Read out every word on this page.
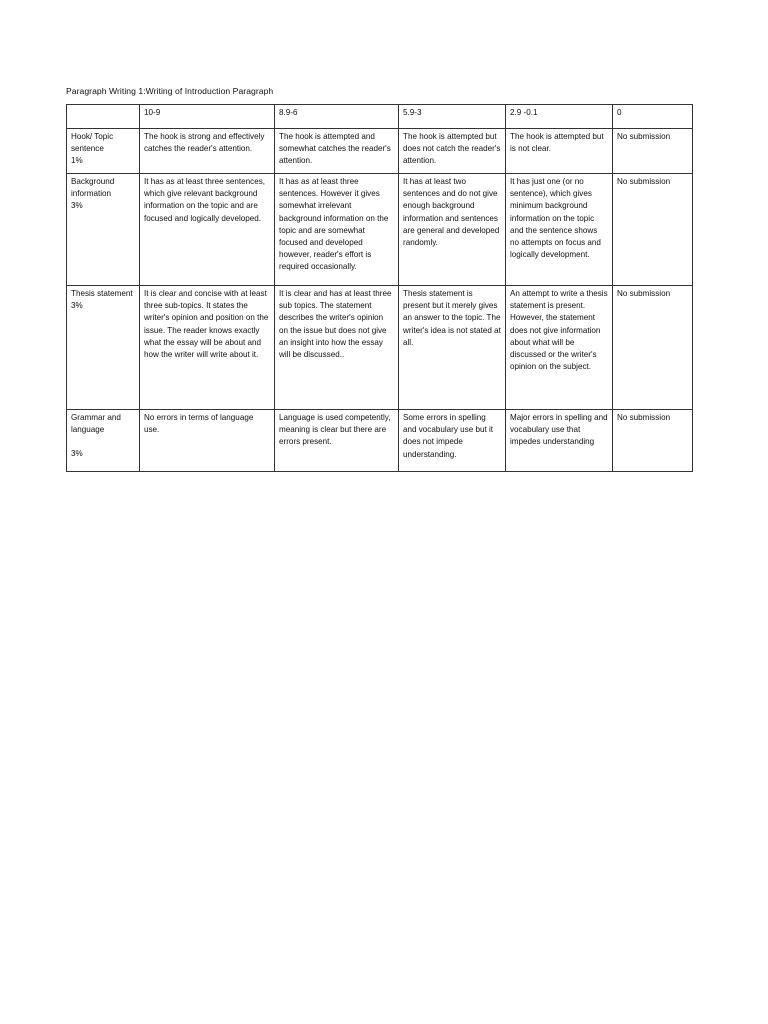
Paragraph Writing 1:Writing of Introduction Paragraph
	10-9	8.9-6	5.9-3	2.9 -0.1	0

Hook/ Topic sentence
1%	The hook is strong and effectively catches the reader's attention.	The hook is attempted and somewhat catches the reader's attention.	The hook is attempted but does not catch the reader's attention.	The hook is attempted but is not clear.	No submission

Background information
3%	It has as at least three sentences, which give relevant background information on the topic and are focused and logically developed.	It has as at least three sentences. However it gives somewhat irrelevant background information on the topic and are somewhat focused and developed however, reader's effort is required occasionally.	It has at least two sentences and do not give enough background information and sentences are general and developed randomly.	It has just one (or no sentence), which gives minimum background information on the topic and the sentence shows no attempts on focus and logically development.	No submission

Thesis statement
3%	It is clear and concise with at least three sub-topics. It states the writer's opinion and position on the issue. The reader knows exactly what the essay will be about and how the writer will write about it.	It is clear and has at least three sub topics. The statement describes the writer's opinion on the issue but does not give an insight into how the essay will be discussed..	Thesis statement is present but it merely gives an answer to the topic. The writer's idea is not stated at all.	An attempt to write a thesis statement is present. However, the statement does not give information about what will be discussed or the writer's opinion on the subject.	No submission

Grammar and language
3%	No errors in terms of language use.	Language is used competently, meaning is clear but there are errors present.	Some errors in spelling and vocabulary use but it does not impede understanding.	Major errors in spelling and vocabulary use that impedes understanding	No submission
